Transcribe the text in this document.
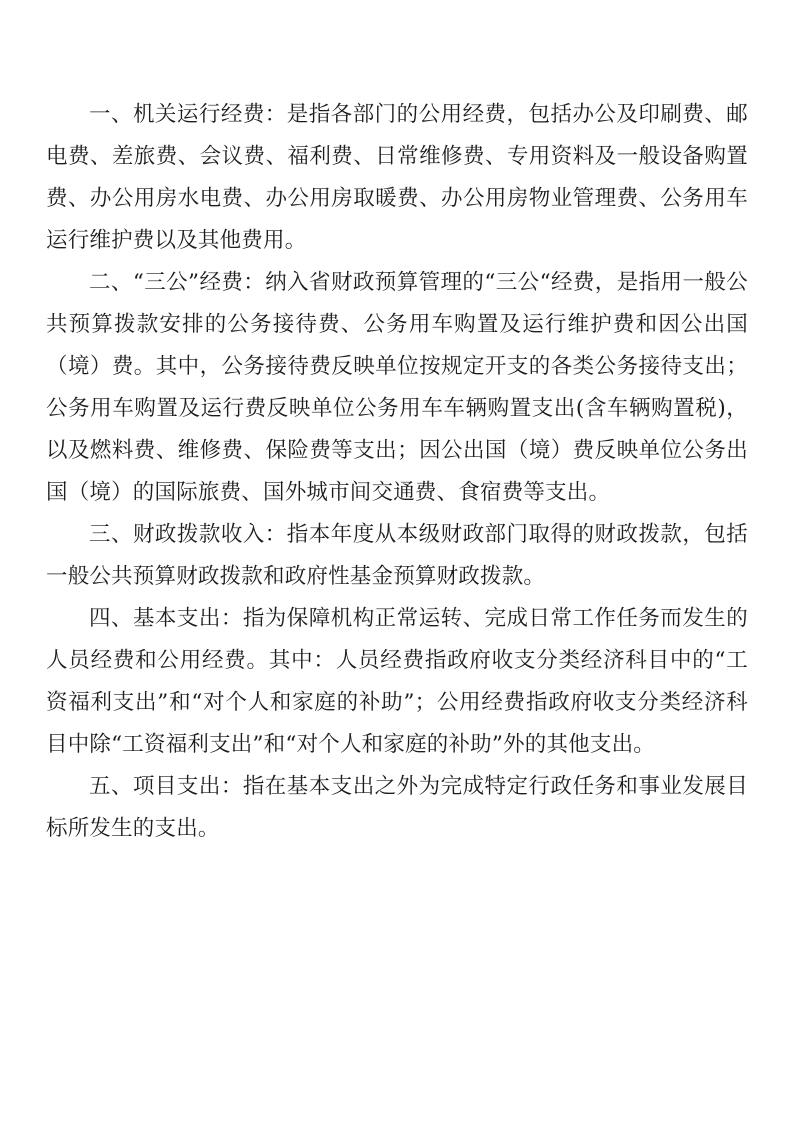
一、机关运行经费：是指各部门的公用经费，包括办公及印刷费、邮电费、差旅费、会议费、福利费、日常维修费、专用资料及一般设备购置费、办公用房水电费、办公用房取暖费、办公用房物业管理费、公务用车运行维护费以及其他费用。

二、“三公”经费：纳入省财政预算管理的“三公“经费，是指用一般公共预算拨款安排的公务接待费、公务用车购置及运行维护费和因公出国（境）费。其中，公务接待费反映单位按规定开支的各类公务接待支出；公务用车购置及运行费反映单位公务用车车辆购置支出(含车辆购置税)，以及燃料费、维修费、保险费等支出；因公出国（境）费反映单位公务出国（境）的国际旅费、国外城市间交通费、食宿费等支出。

三、财政拨款收入：指本年度从本级财政部门取得的财政拨款，包括一般公共预算财政拨款和政府性基金预算财政拨款。

四、基本支出：指为保障机构正常运转、完成日常工作任务而发生的人员经费和公用经费。其中：人员经费指政府收支分类经济科目中的“工资福利支出”和“对个人和家庭的补助”；公用经费指政府收支分类经济科目中除“工资福利支出”和“对个人和家庭的补助”外的其他支出。

五、项目支出：指在基本支出之外为完成特定行政任务和事业发展目标所发生的支出。
